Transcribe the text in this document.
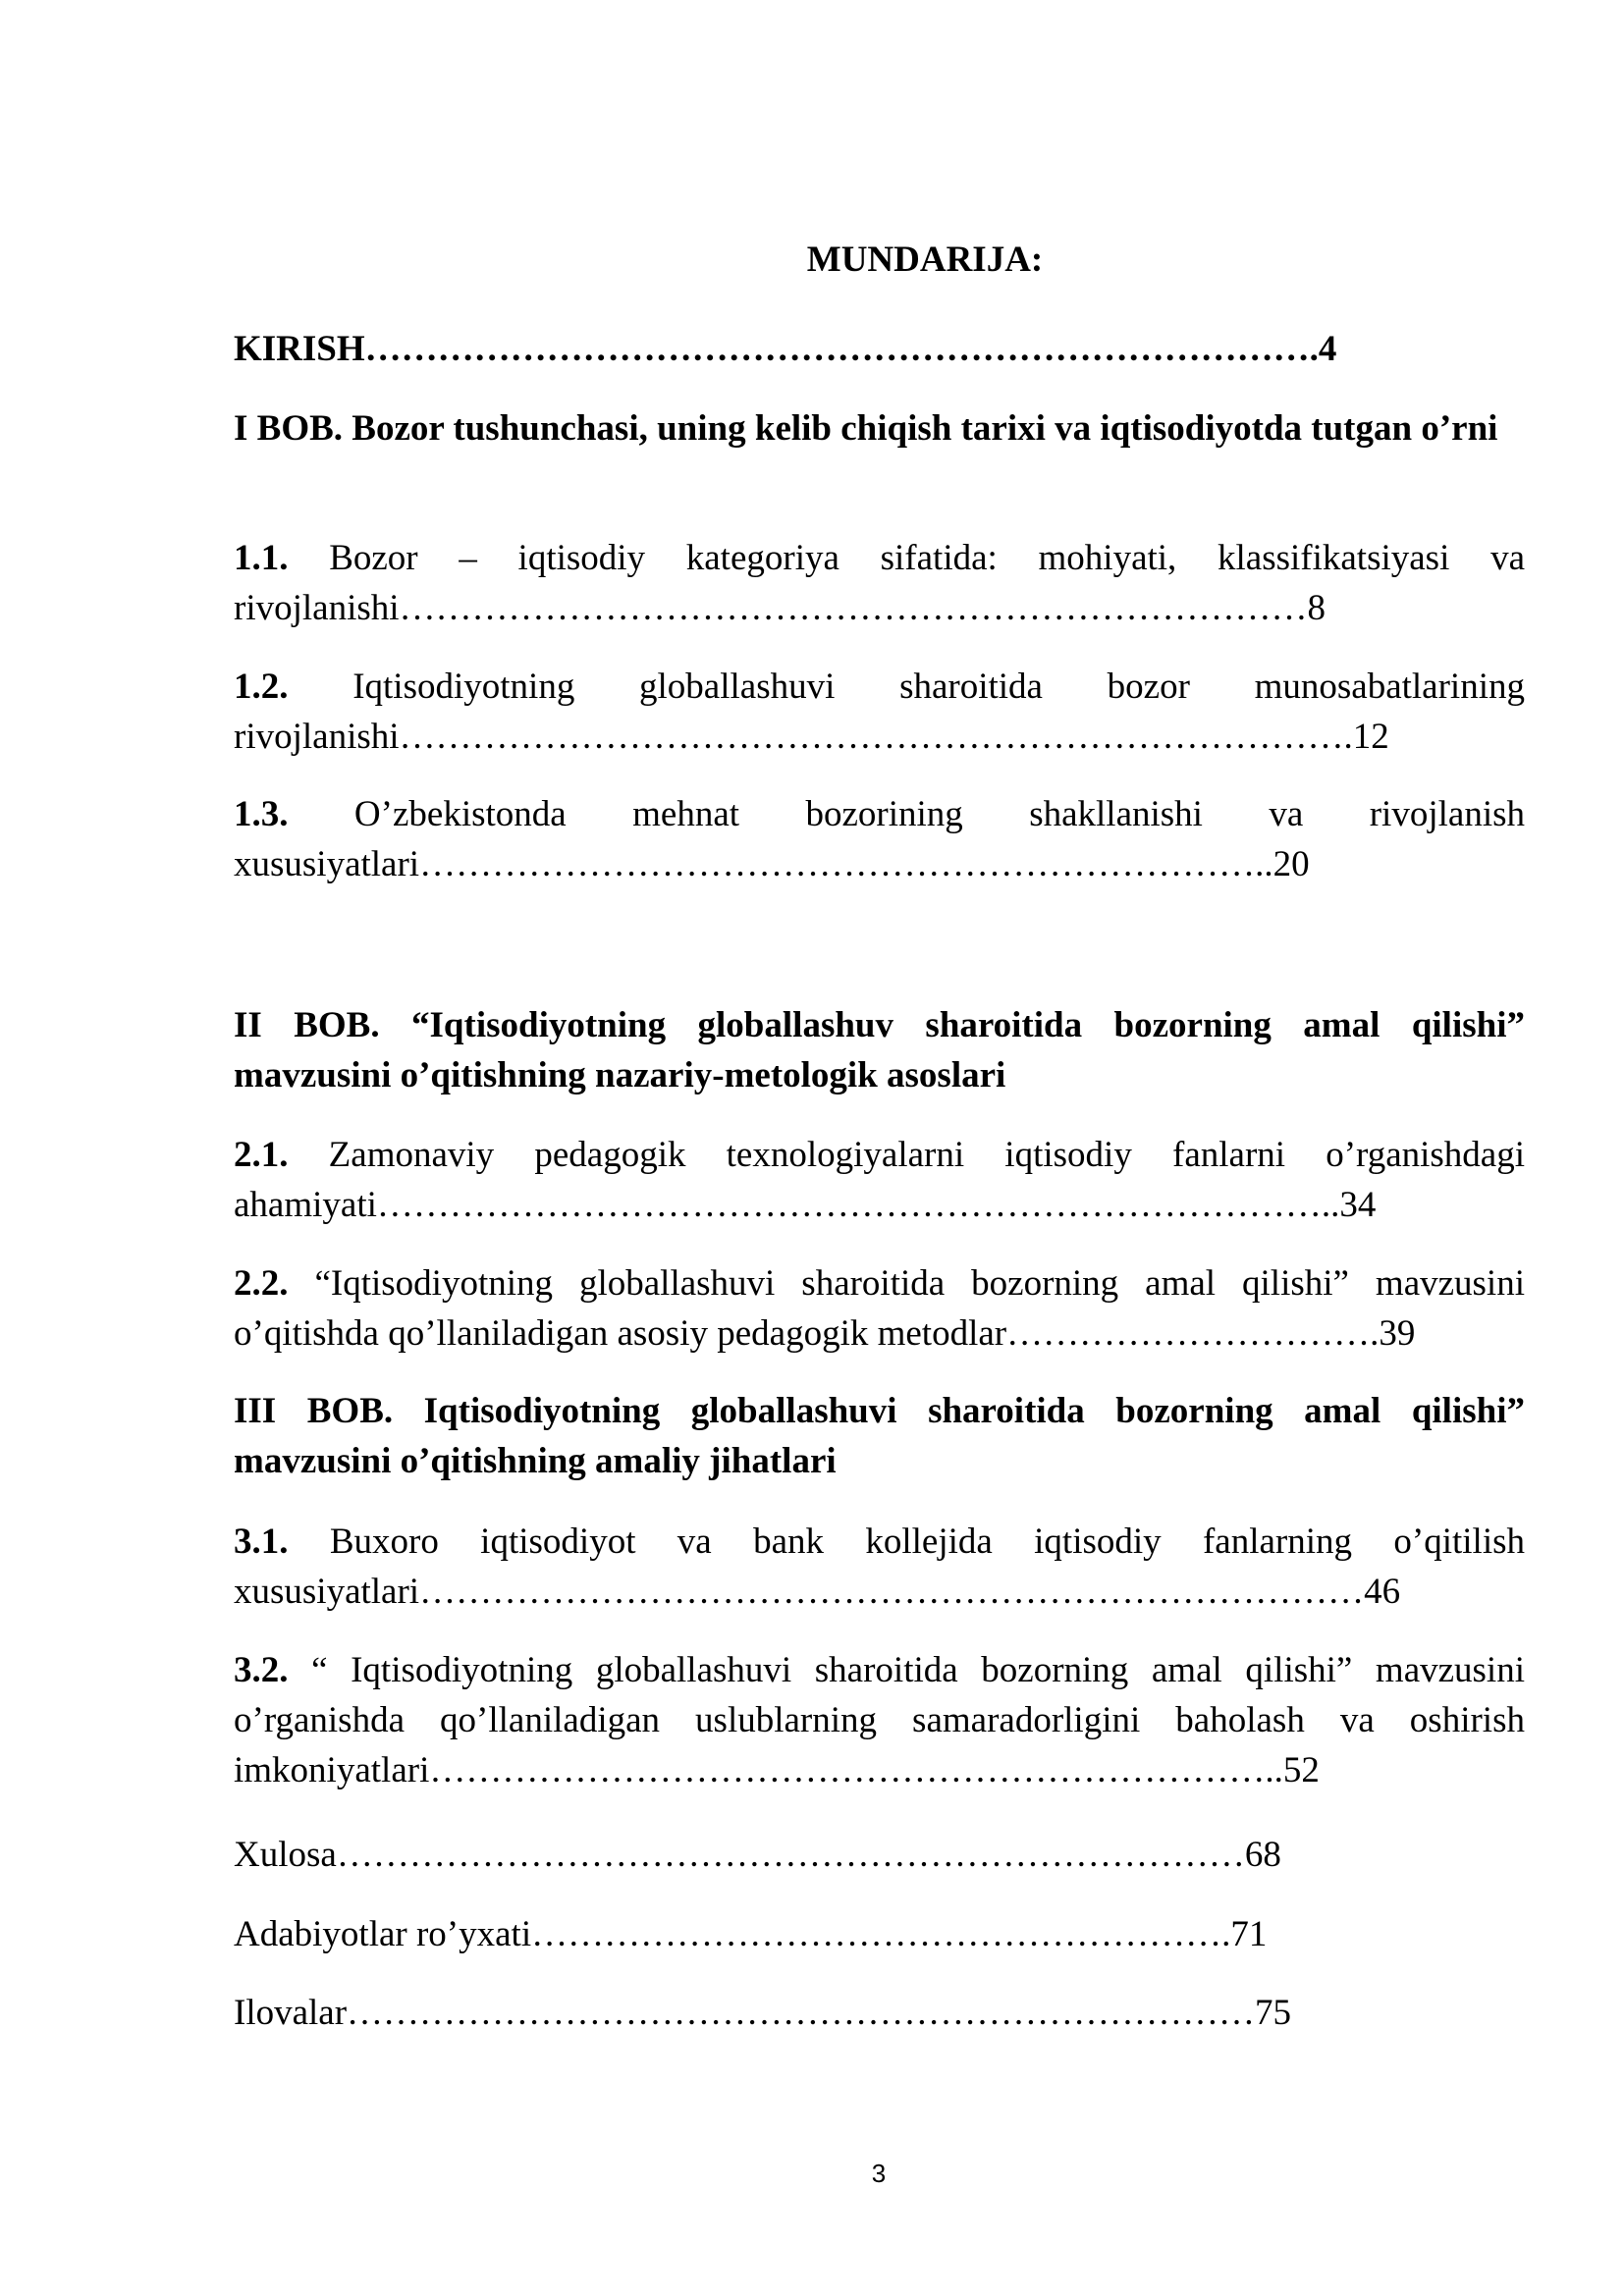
MUNDARIJA:
KIRISH…………………………………………………………………….4
I BOB. Bozor tushunchasi, uning kelib chiqish tarixi va iqtisodiyotda tutgan o’rni
1.1. Bozor – iqtisodiy kategoriya sifatida: mohiyati, klassifikatsiyasi va rivojlanishi…………………………………………………………………8
1.2. Iqtisodiyotning globallashuvi sharoitida bozor munosabatlarining rivojlanishi…………………………………………………………………….12
1.3. O’zbekistonda mehnat bozorining shakllanishi va rivojlanish xususiyatlari……………………………………………………………..20
II BOB. “Iqtisodiyotning globallashuv sharoitida bozorning amal qilishi” mavzusini o’qitishning nazariy-metologik asoslari
2.1. Zamonaviy pedagogik texnologiyalarni iqtisodiy fanlarni o’rganishdagi ahamiyati……………………………………………………………………..34
2.2. “Iqtisodiyotning globallashuvi sharoitida bozorning amal qilishi” mavzusini o’qitishda qo’llaniladigan asosiy pedagogik metodlar………………………….39
III BOB. Iqtisodiyotning globallashuvi sharoitida bozorning amal qilishi” mavzusini o’qitishning amaliy jihatlari
3.1. Buxoro iqtisodiyot va bank kollejida iqtisodiy fanlarning o’qitilish xususiyatlari……………………………………………………………………46
3.2. “ Iqtisodiyotning globallashuvi sharoitida bozorning amal qilishi” mavzusini o’rganishda qo’llaniladigan uslublarning samaradorligini baholash va oshirish imkoniyatlari……………………………………………………………..52
Xulosa…………………………………………………………………68
Adabiyotlar ro’yxati………………………………………………….71
Ilovalar…………………………………………………………………75
3
